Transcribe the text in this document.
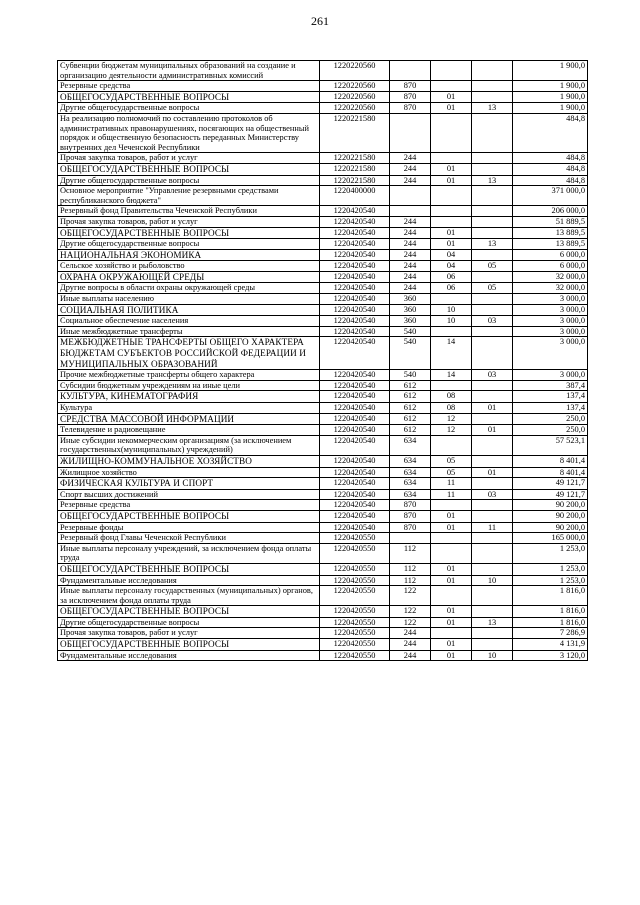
261
Субвенции бюджетам муниципальных образований на создание и организацию деятельности административных комиссий	1220220560				1 900,0
Резервные средства	1220220560	870			1 900,0
ОБЩЕГОСУДАРСТВЕННЫЕ ВОПРОСЫ	1220220560	870	01		1 900,0
Другие общегосударственные вопросы	1220220560	870	01	13	1 900,0
На реализацию полномочий по составлению протоколов об административных правонарушениях, посягающих на общественный порядок и общественную безопасность переданных Министерству внутренних дел Чеченской Республики	1220221580				484,8
Прочая закупка товаров, работ и услуг	1220221580	244			484,8
ОБЩЕГОСУДАРСТВЕННЫЕ ВОПРОСЫ	1220221580	244	01		484,8
Другие общегосударственные вопросы	1220221580	244	01	13	484,8
Основное мероприятие "Управление резервными средствами республиканского бюджета"	1220400000				371 000,0
Резервный фонд Правительства Чеченской Республики	1220420540				206 000,0
Прочая закупка товаров, работ и услуг	1220420540	244			51 889,5
ОБЩЕГОСУДАРСТВЕННЫЕ ВОПРОСЫ	1220420540	244	01		13 889,5
Другие общегосударственные вопросы	1220420540	244	01	13	13 889,5
НАЦИОНАЛЬНАЯ ЭКОНОМИКА	1220420540	244	04		6 000,0
Сельское хозяйство и рыболовство	1220420540	244	04	05	6 000,0
ОХРАНА ОКРУЖАЮЩЕЙ СРЕДЫ	1220420540	244	06		32 000,0
Другие вопросы в области охраны окружающей среды	1220420540	244	06	05	32 000,0
Иные выплаты населению	1220420540	360			3 000,0
СОЦИАЛЬНАЯ ПОЛИТИКА	1220420540	360	10		3 000,0
Социальное обеспечение населения	1220420540	360	10	03	3 000,0
Иные межбюджетные трансферты	1220420540	540			3 000,0
МЕЖБЮДЖЕТНЫЕ ТРАНСФЕРТЫ ОБЩЕГО ХАРАКТЕРА БЮДЖЕТАМ СУБЪЕКТОВ РОССИЙСКОЙ ФЕДЕРАЦИИ И МУНИЦИПАЛЬНЫХ ОБРАЗОВАНИЙ	1220420540	540	14		3 000,0
Прочие межбюджетные трансферты общего характера	1220420540	540	14	03	3 000,0
Субсидии бюджетным учреждениям на иные цели	1220420540	612			387,4
КУЛЬТУРА, КИНЕМАТОГРАФИЯ	1220420540	612	08		137,4
Культура	1220420540	612	08	01	137,4
СРЕДСТВА МАССОВОЙ ИНФОРМАЦИИ	1220420540	612	12		250,0
Телевидение и радиовещание	1220420540	612	12	01	250,0
Иные субсидии некоммерческим организациям (за исключением государственных(муниципальных) учреждений)	1220420540	634			57 523,1
ЖИЛИЩНО-КОММУНАЛЬНОЕ ХОЗЯЙСТВО	1220420540	634	05		8 401,4
Жилищное хозяйство	1220420540	634	05	01	8 401,4
ФИЗИЧЕСКАЯ КУЛЬТУРА И СПОРТ	1220420540	634	11		49 121,7
Спорт высших достижений	1220420540	634	11	03	49 121,7
Резервные средства	1220420540	870			90 200,0
ОБЩЕГОСУДАРСТВЕННЫЕ ВОПРОСЫ	1220420540	870	01		90 200,0
Резервные фонды	1220420540	870	01	11	90 200,0
Резервный фонд Главы Чеченской Республики	1220420550				165 000,0
Иные выплаты персоналу учреждений, за исключением фонда оплаты труда	1220420550	112			1 253,0
ОБЩЕГОСУДАРСТВЕННЫЕ ВОПРОСЫ	1220420550	112	01		1 253,0
Фундаментальные исследования	1220420550	112	01	10	1 253,0
Иные выплаты персоналу государственных (муниципальных) органов, за исключением фонда оплаты труда	1220420550	122			1 816,0
ОБЩЕГОСУДАРСТВЕННЫЕ ВОПРОСЫ	1220420550	122	01		1 816,0
Другие общегосударственные вопросы	1220420550	122	01	13	1 816,0
Прочая закупка товаров, работ и услуг	1220420550	244			7 286,9
ОБЩЕГОСУДАРСТВЕННЫЕ ВОПРОСЫ	1220420550	244	01		4 131,9
Фундаментальные исследования	1220420550	244	01	10	3 120,0
